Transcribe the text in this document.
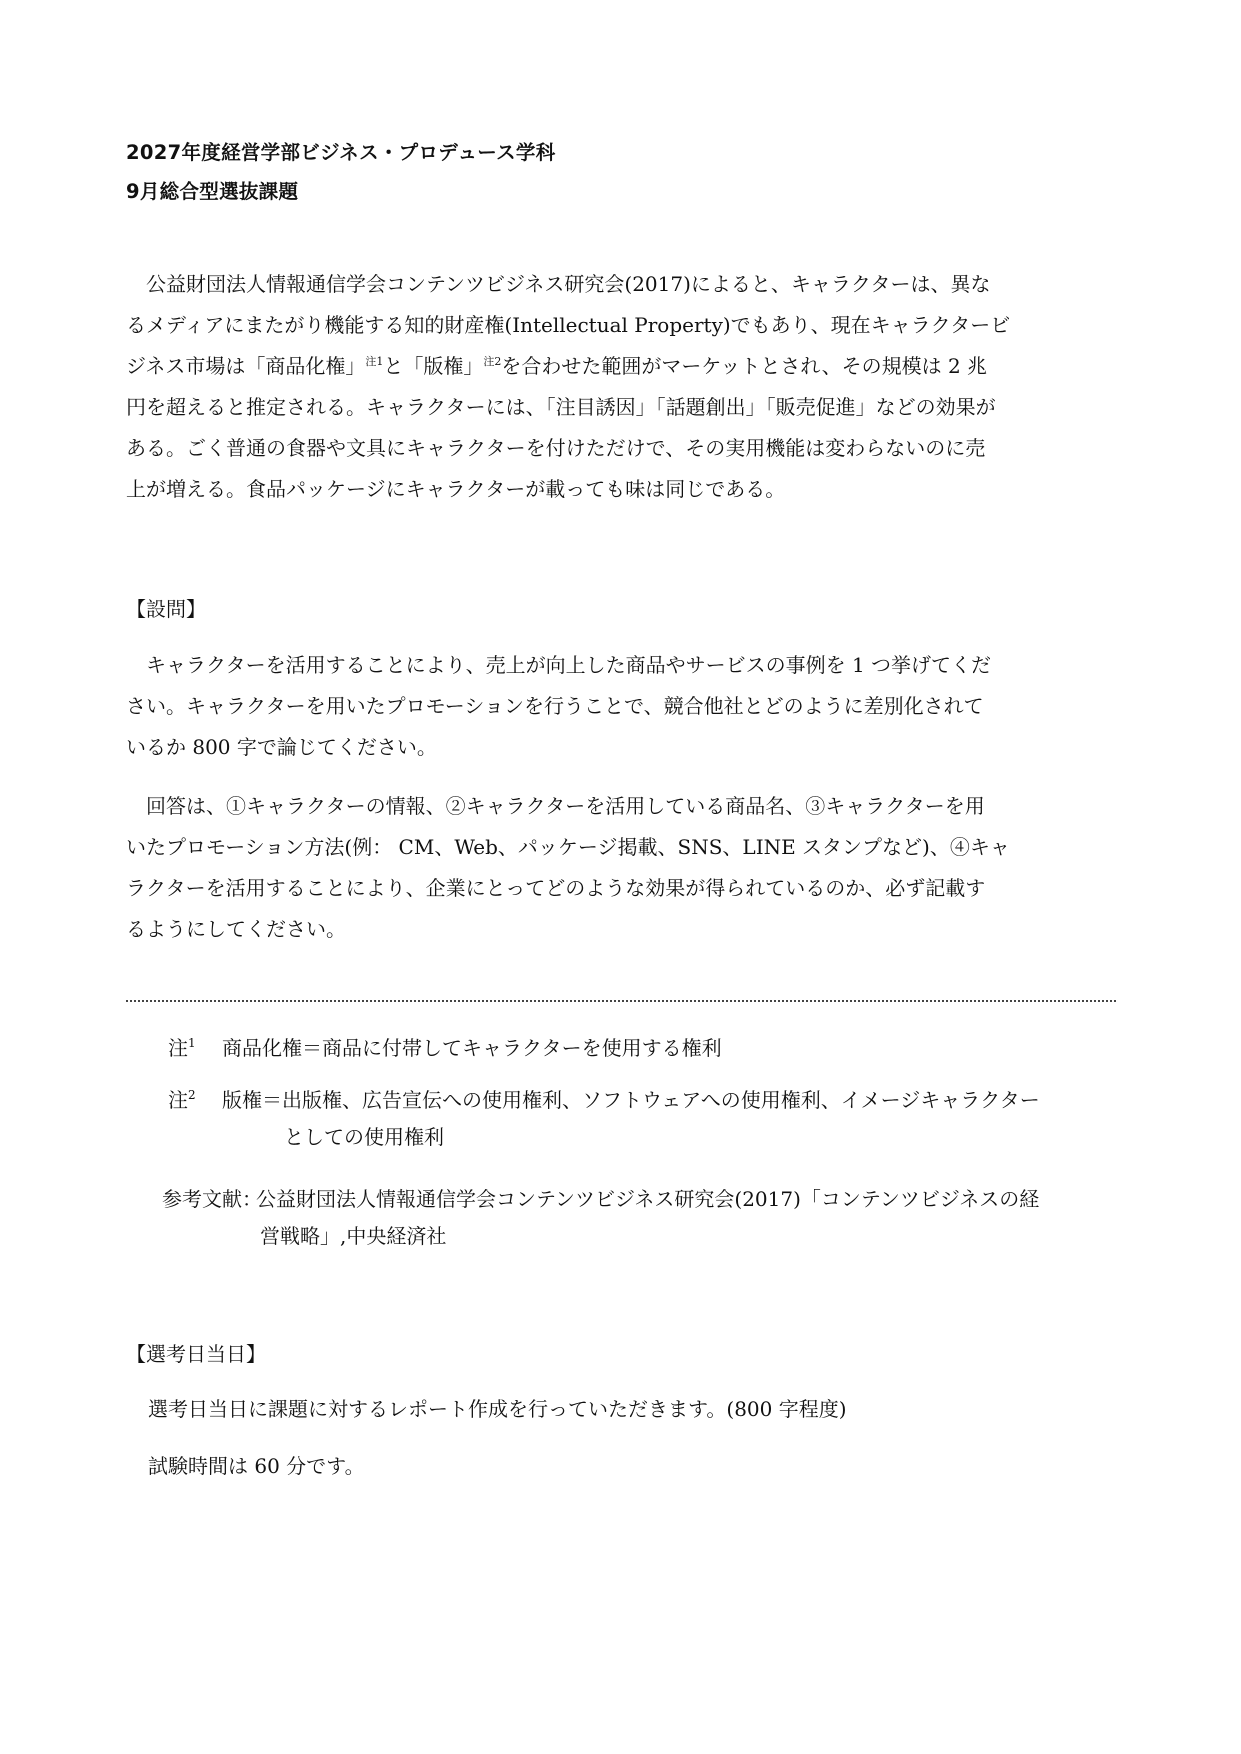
2027年度経営学部ビジネス・プロデュース学科
9月総合型選抜課題
　公益財団法人情報通信学会コンテンツビジネス研究会(2017)によると、キャラクターは、異な
るメディアにまたがり機能する知的財産権(Intellectual Property)でもあり、現在キャラクタービ
ジネス市場は「商品化権」$^{注1}$と「版権」$^{注2}$を合わせた範囲がマーケットとされ、その規模は 2 兆
円を超えると推定される。キャラクターには、「注目誘因」「話題創出」「販売促進」などの効果が
ある。ごく普通の食器や文具にキャラクターを付けただけで、その実用機能は変わらないのに売
上が増える。食品パッケージにキャラクターが載っても味は同じである。
【設問】
　キャラクターを活用することにより、売上が向上した商品やサービスの事例を 1 つ挙げてくだ
さい。キャラクターを用いたプロモーションを行うことで、競合他社とどのように差別化されて
いるか 800 字で論じてください。
　回答は、①キャラクターの情報、②キャラクターを活用している商品名、③キャラクターを用
いたプロモーション方法(例： CM、Web、パッケージ掲載、SNS、LINE スタンプなど)、④キャ
ラクターを活用することにより、企業にとってどのような効果が得られているのか、必ず記載す
るようにしてください。
注$^1$ 商品化権＝商品に付帯してキャラクターを使用する権利
注$^2$ 版権＝出版権、広告宣伝への使用権利、ソフトウェアへの使用権利、イメージキャラクター
としての使用権利
参考文献：
公益財団法人情報通信学会コンテンツビジネス研究会(2017)「コンテンツビジネスの経
営戦略」,中央経済社
【選考日当日】
選考日当日に課題に対するレポート作成を行っていただきます。(800 字程度)
試験時間は 60 分です。
